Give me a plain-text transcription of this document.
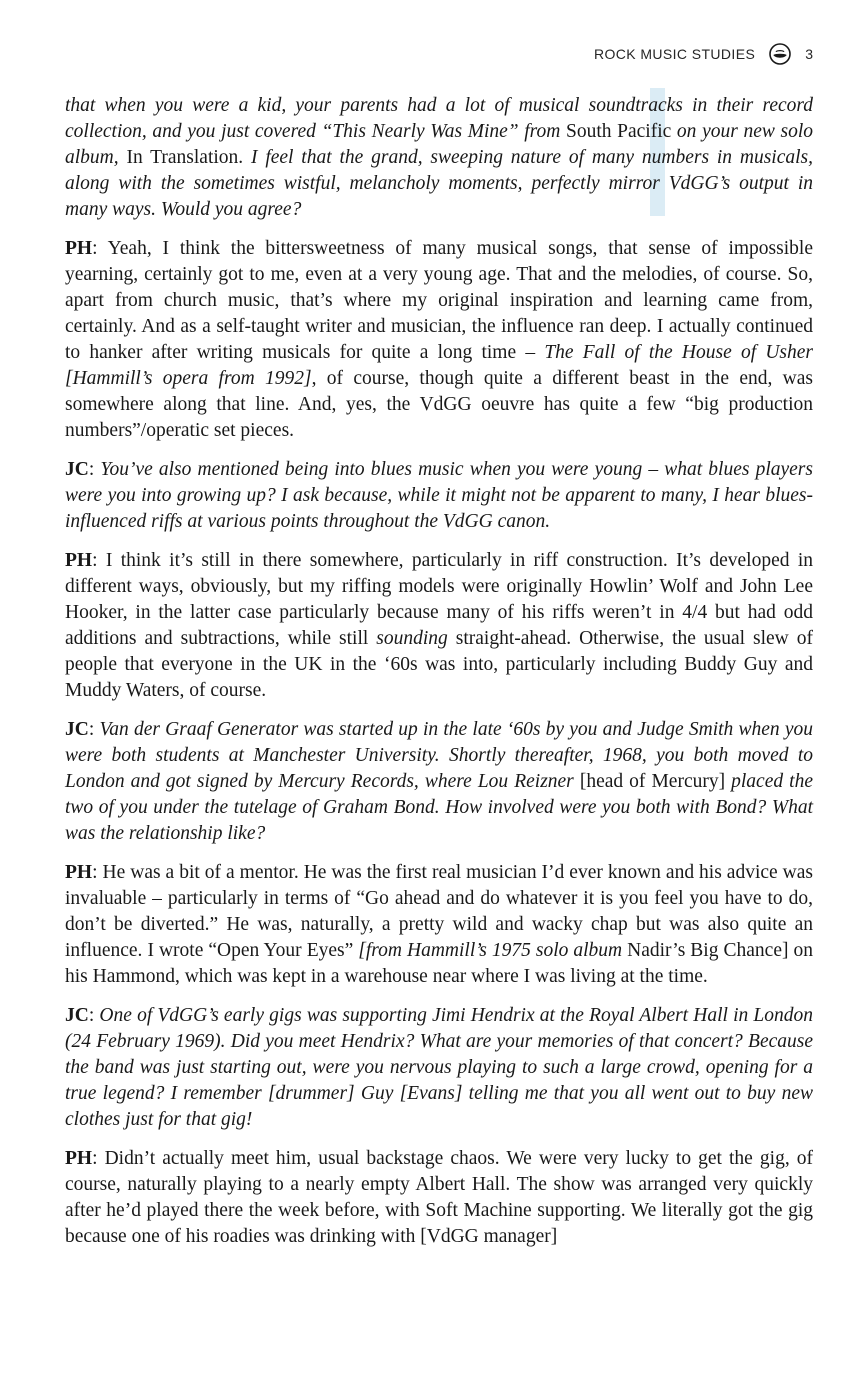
ROCK MUSIC STUDIES	3

that when you were a kid, your parents had a lot of musical soundtracks in their record collection, and you just covered “This Nearly Was Mine” from South Pacific on your new solo album, In Translation. I feel that the grand, sweeping nature of many numbers in musicals, along with the sometimes wistful, melancholy moments, perfectly mirror VdGG’s output in many ways. Would you agree?

PH: Yeah, I think the bittersweetness of many musical songs, that sense of impossible yearning, certainly got to me, even at a very young age. That and the melodies, of course. So, apart from church music, that’s where my original inspiration and learning came from, certainly. And as a self-taught writer and musician, the influence ran deep. I actually continued to hanker after writing musicals for quite a long time – The Fall of the House of Usher [Hammill’s opera from 1992], of course, though quite a different beast in the end, was somewhere along that line. And, yes, the VdGG oeuvre has quite a few “big production numbers”/operatic set pieces.

JC: You’ve also mentioned being into blues music when you were young – what blues players were you into growing up? I ask because, while it might not be apparent to many, I hear blues-influenced riffs at various points throughout the VdGG canon.

PH: I think it’s still in there somewhere, particularly in riff construction. It’s developed in different ways, obviously, but my riffing models were originally Howlin’ Wolf and John Lee Hooker, in the latter case particularly because many of his riffs weren’t in 4/4 but had odd additions and subtractions, while still sounding straight-ahead. Otherwise, the usual slew of people that everyone in the UK in the ‘60s was into, particularly including Buddy Guy and Muddy Waters, of course.

JC: Van der Graaf Generator was started up in the late ‘60s by you and Judge Smith when you were both students at Manchester University. Shortly thereafter, 1968, you both moved to London and got signed by Mercury Records, where Lou Reizner [head of Mercury] placed the two of you under the tutelage of Graham Bond. How involved were you both with Bond? What was the relationship like?

PH: He was a bit of a mentor. He was the first real musician I’d ever known and his advice was invaluable – particularly in terms of “Go ahead and do whatever it is you feel you have to do, don’t be diverted.” He was, naturally, a pretty wild and wacky chap but was also quite an influence. I wrote “Open Your Eyes” [from Hammill’s 1975 solo album Nadir’s Big Chance] on his Hammond, which was kept in a warehouse near where I was living at the time.

JC: One of VdGG’s early gigs was supporting Jimi Hendrix at the Royal Albert Hall in London (24 February 1969). Did you meet Hendrix? What are your memories of that concert? Because the band was just starting out, were you nervous playing to such a large crowd, opening for a true legend? I remember [drummer] Guy [Evans] telling me that you all went out to buy new clothes just for that gig!

PH: Didn’t actually meet him, usual backstage chaos. We were very lucky to get the gig, of course, naturally playing to a nearly empty Albert Hall. The show was arranged very quickly after he’d played there the week before, with Soft Machine supporting. We literally got the gig because one of his roadies was drinking with [VdGG manager]
